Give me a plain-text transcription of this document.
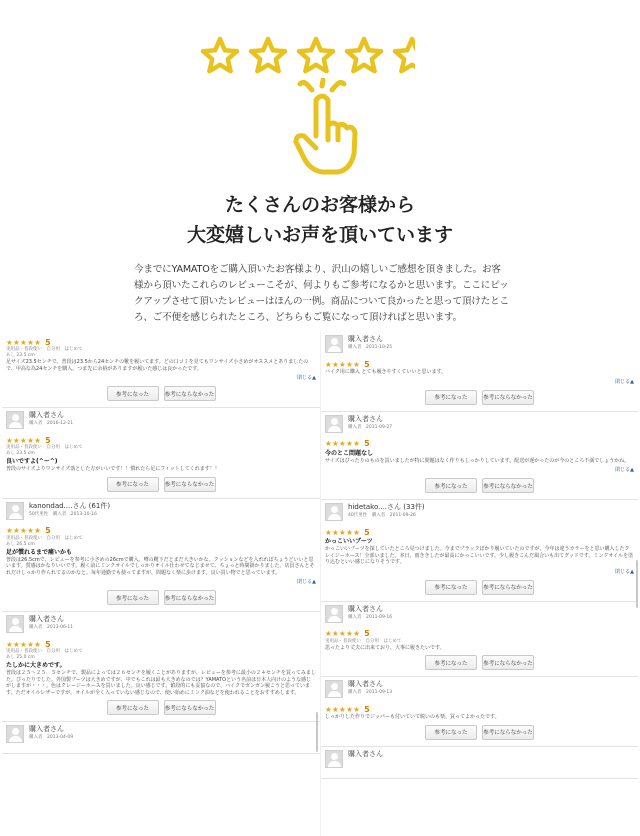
たくさんのお客様から
大変嬉しいお声を頂いています
今までにYAMATOをご購入頂いたお客様より、沢山の嬉しいご感想を頂きました。お客様から頂いたこれらのレビューこそが、何よりもご参考になるかと思います。ここにピックアップさせて頂いたレビューはほんの一例。商品について良かったと思って頂けたところ、ご不便を感じられたところ、どちらもご覧になって頂ければと思います。
★★★★★ 5
実用品・普段使い　自分用　はじめて
あし 23.5 cm
足サイズ23.5センチで、普段は23.5から24センチの靴を履いてます。どの口コミを見てもワンサイズ小さめがオススメとありましたので、甲高な為24センチを購入。つま先に余裕がありますが履いた感じは良かったです。
閉じる▲
参考になった	参考にならなかった
購入者さん
購入者　2016-12-21
★★★★★ 5
実用品・普段使い　自分用　はじめて
あし 23.5 cm
良いですよ(^ー^)
普段のサイズよりワンサイズ落とした方がいいです！！慣れたら足にフィットしてくれます！！
参考になった	参考にならなかった
kanondad....さん (61件)
50代男性　購入者　2013-10-16
★★★★★ 5
実用品・普段使い　自分用　はじめて
あし 26.5 cm
足が慣れるまで痛いかも
普段は26.5cmで、レビューを参考に小さめの26cmで購入。噂の靴下だとまだ大きいかな。クッションなどを入れればちょうどいいと思います。質感はかなりいいです。履く前にミンクオイルでしっかりオイル仕わせてなじませて、ちょっと時間掛かりました。店員さんとそれだけしっかり作られてるのかなと。毎年通勤でも使ってますが、問題なく楽に歩けます。良い買い物でと思っています。
閉じる▲
参考になった	参考にならなかった
購入者さん
購入者　2013-06-11
★★★★★ 5
実用品・普段使い　自分用　はじめて
あし 25.0 cm
たしかに大きめです。
普段は２５〜２５．５センチで、製品によっては２６センチを履くことがありますが、レビューを参考に最小の２４センチを買ってみました。ぴったりでした。外国製ブーツは大きめですが、中でもこれは最も大きめなのでは？YAMATOという名前は日本人向けのような感じがしますが・・・。色はクレージーホースを買いました。良い感じです。値段的にも妥協なので、バイクでガンガン履こうと思っています。ただオイルレザーですが、オイルが全く入っていない感じなので、使い始めにミンク油などを使われることをおすすめします。
参考になった	参考にならなかった
購入者さん
購入者　2013-04-09
購入者さん
購入者　2011-10-25
★★★★★ 5
バイク用に購入 とても履きやすくていいと思います。
閉じる▲
参考になった	参考にならなかった
購入者さん
購入者　2011-09-27
★★★★★ 5
今のとこ問題なし
サイズはぴったりのものを買いましたが特に問題はなく作りもしっかりしています。配送が遅かったのが今のところ不満でしょうかね。
閉じる▲
参考になった	参考にならなかった
hidetako....さん (33件)
40代男性　購入者　2011-09-26
★★★★★ 5
かっこいいブーツ
かっこいいブーツを探していたところ見つけました。今までブラックばかり履いていたのですが、今年は違うカラーをと思い購入したクレイジーホース！全部いました。本日、雨ききしたが最高にかっこいいです。少し履きこんだ風合いも出てグッドです。ミンクオイルを塗り込むといい感じになりそうです。
閉じる▲
参考になった	参考にならなかった
購入者さん
購入者　2011-09-16
★★★★★ 5
実用品・普段使い　自分用　はじめて
思ったより丈夫に出来ており、大事に履きたいです。
参考になった	参考にならなかった
購入者さん
購入者　2011-09-13
★★★★★ 5
しっかりした作りでジッパーも付いていて脱いのも楽、買ってよかったです。
参考になった	参考にならなかった
購入者さん
